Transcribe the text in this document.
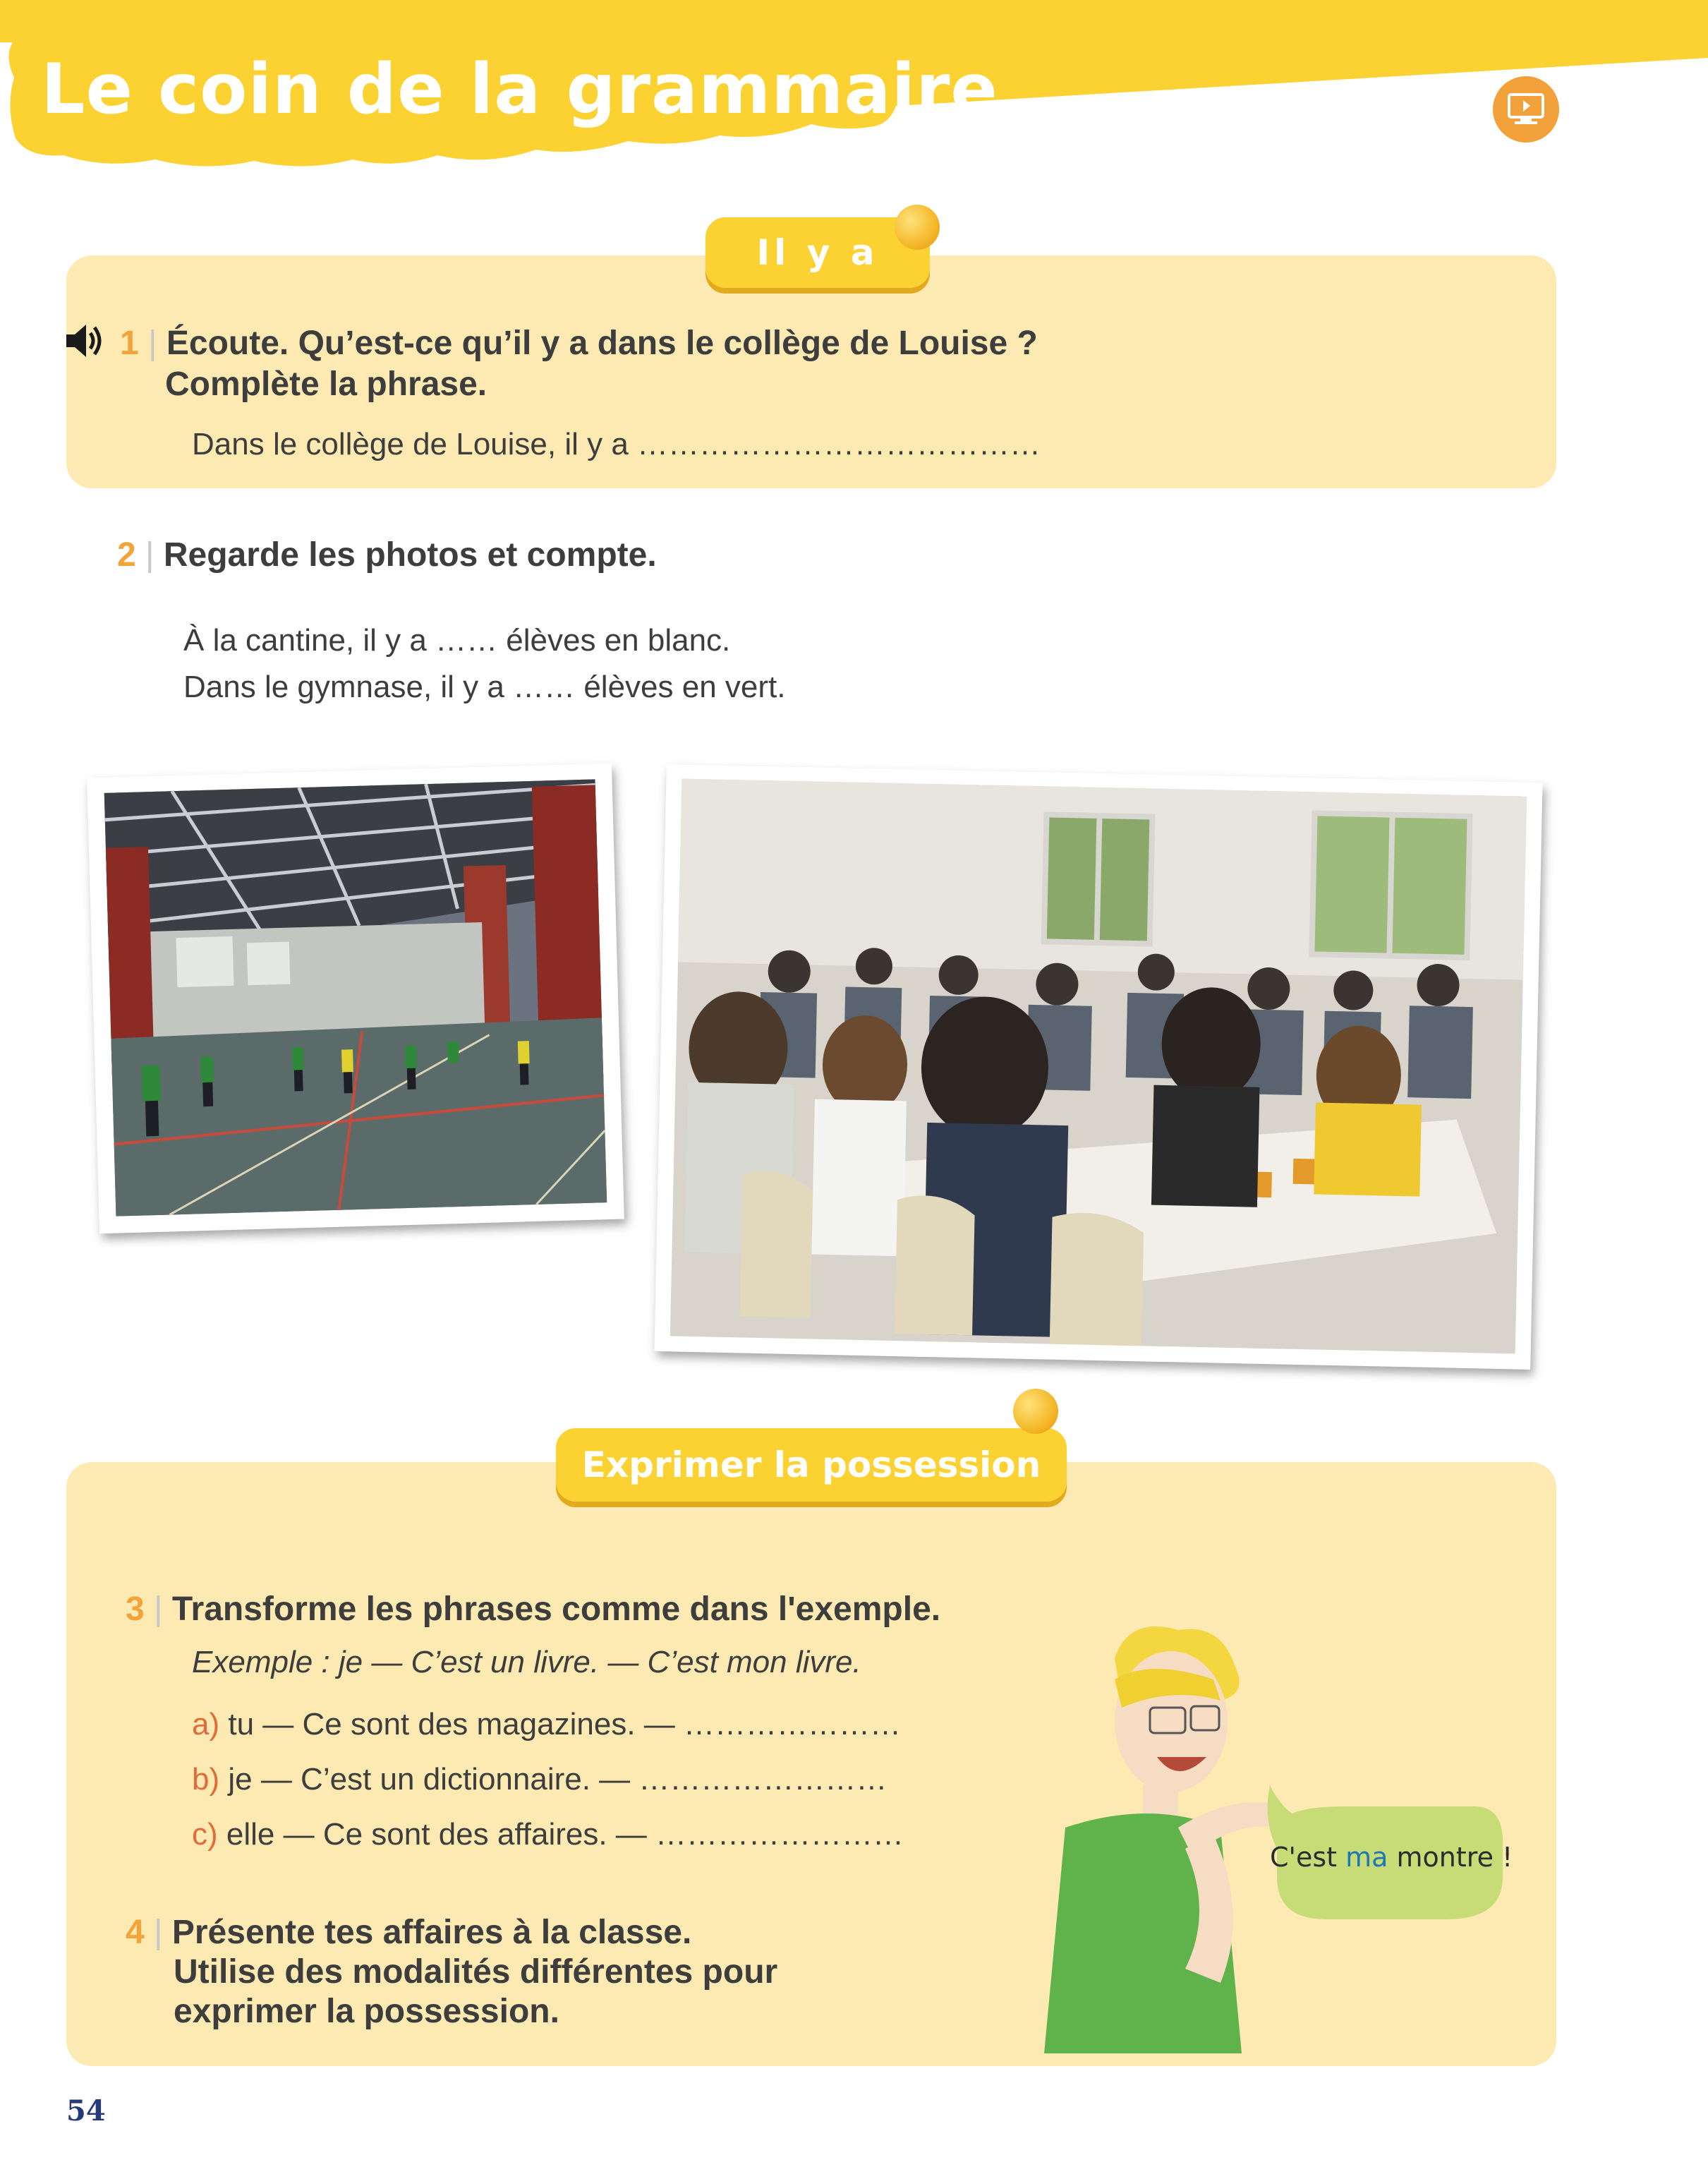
Le coin de la grammaire
Il y a
1 | Écoute. Qu’est-ce qu’il y a dans le collège de Louise ?
Complète la phrase.
Dans le collège de Louise, il y a …………………………………
2 | Regarde les photos et compte.
À la cantine, il y a …… élèves en blanc.
Dans le gymnase, il y a …… élèves en vert.
Exprimer la possession
3 | Transforme les phrases comme dans l'exemple.
Exemple : je — C’est un livre. — C’est mon livre.
a) tu — Ce sont des magazines. — …………………
b) je — C’est un dictionnaire. — ……………………
c) elle — Ce sont des affaires. — ……………………
4 | Présente tes affaires à la classe.
Utilise des modalités différentes pour
exprimer la possession.
C'est ma montre !
54
